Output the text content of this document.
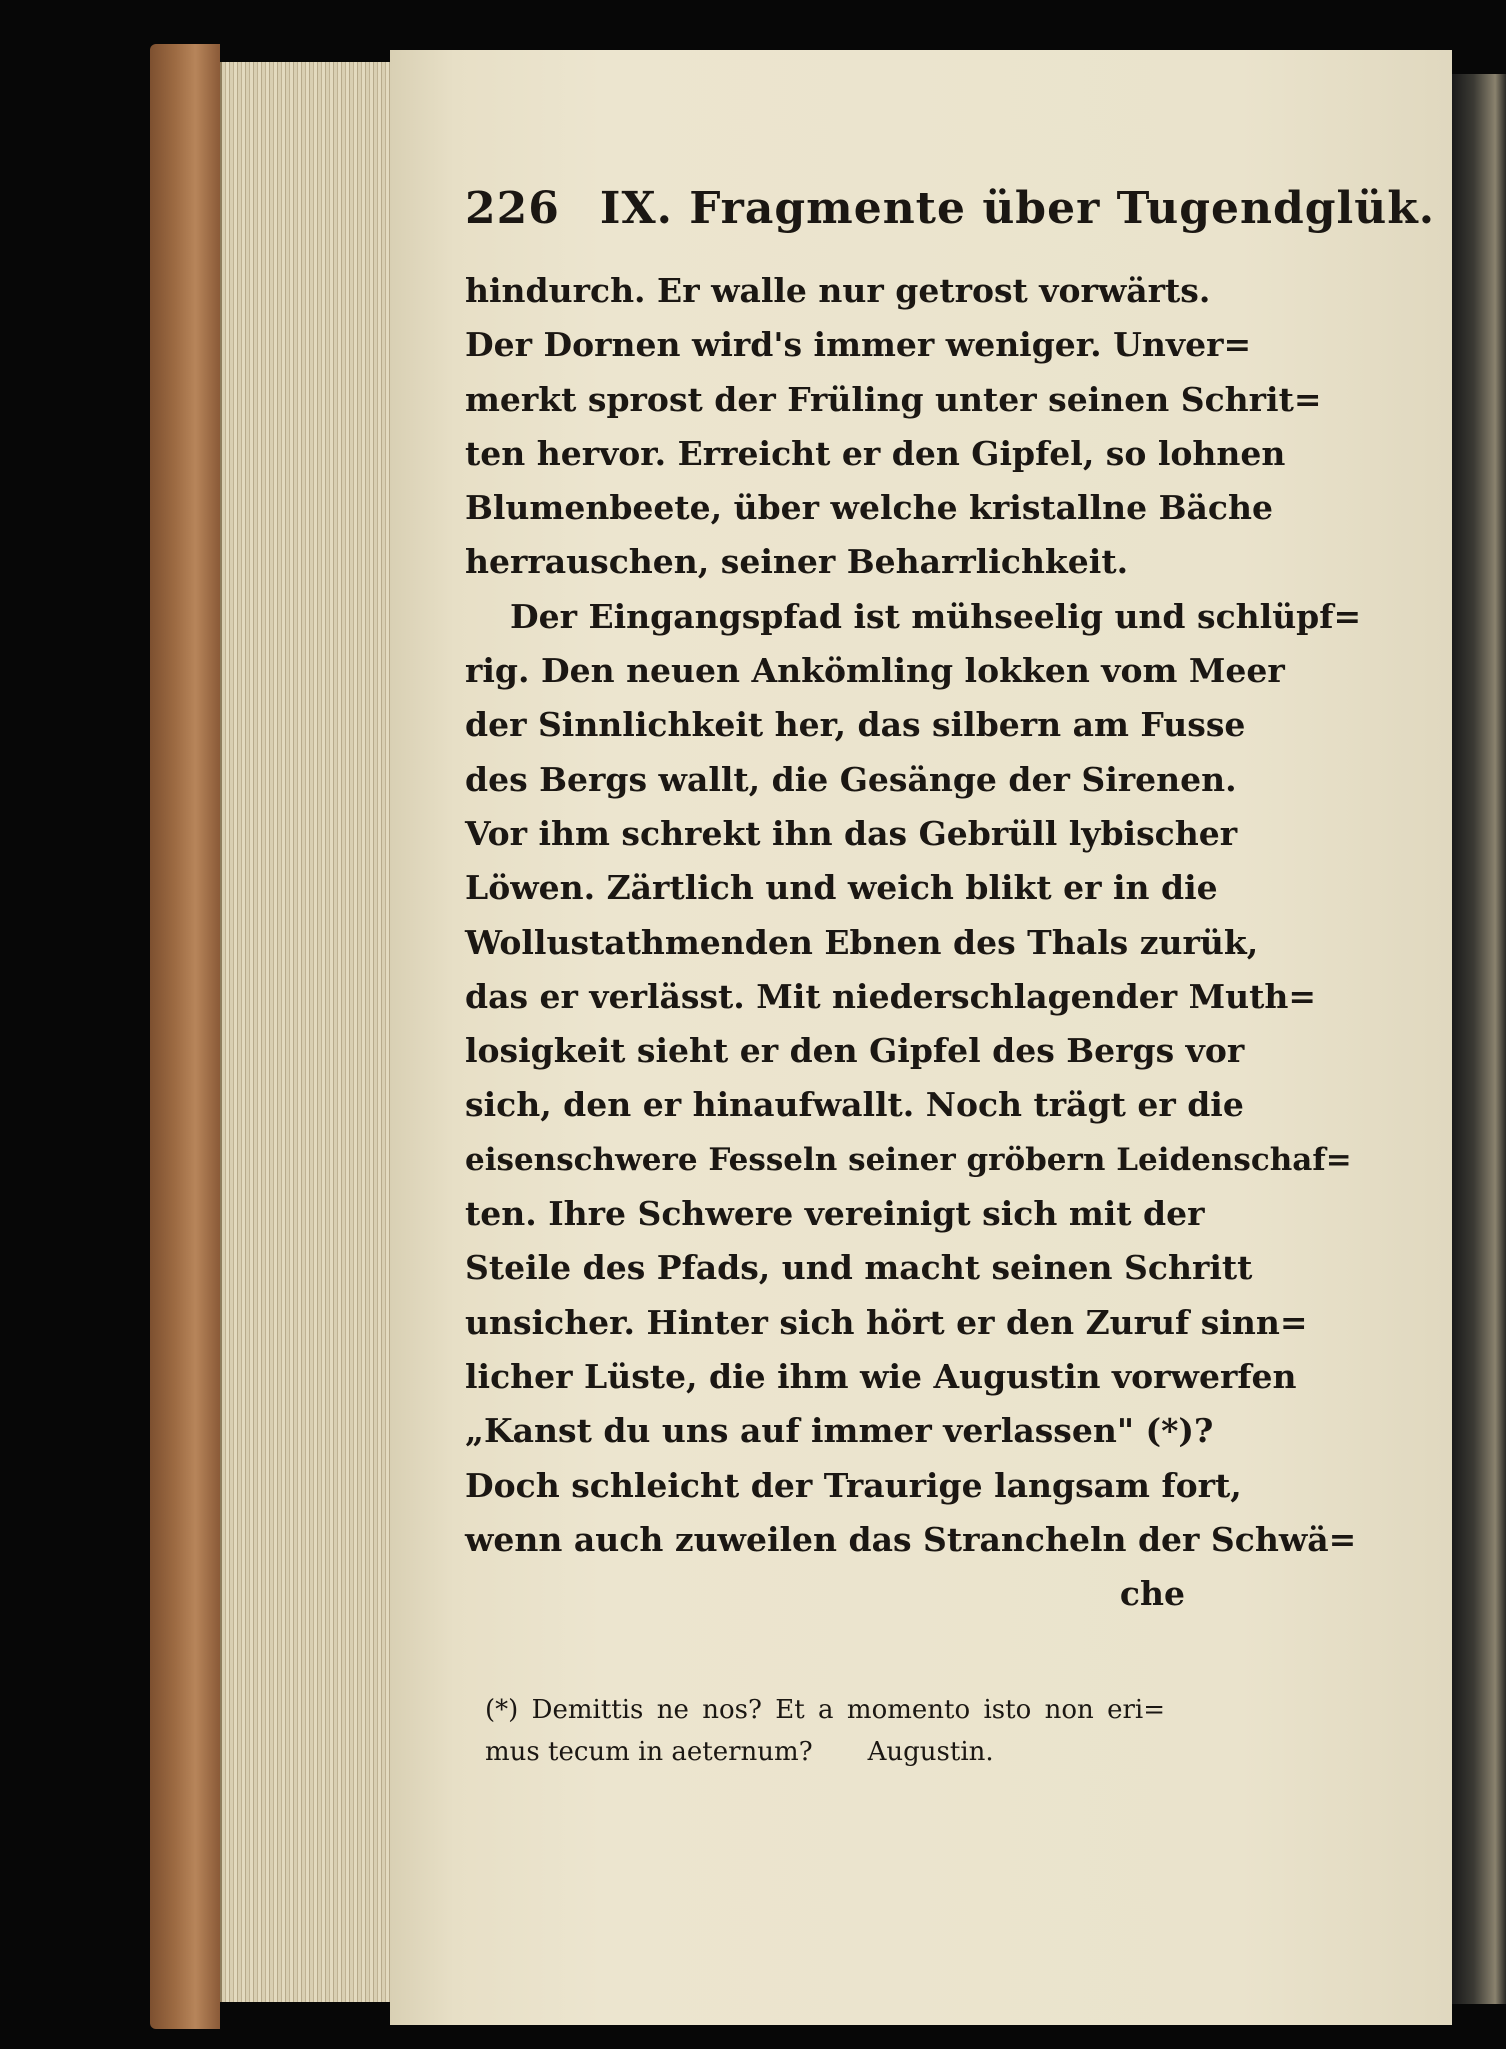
226 IX. Fragmente über Tugendglük.
hindurch. Er walle nur getrost vorwärts.
Der Dornen wird's immer weniger. Unver=
merkt sprost der Früling unter seinen Schrit=
ten hervor. Erreicht er den Gipfel, so lohnen
Blumenbeete, über welche kristallne Bäche
herrauschen, seiner Beharrlichkeit.
Der Eingangspfad ist mühseelig und schlüpf=
rig. Den neuen Ankömling lokken vom Meer
der Sinnlichkeit her, das silbern am Fusse
des Bergs wallt, die Gesänge der Sirenen.
Vor ihm schrekt ihn das Gebrüll lybischer
Löwen. Zärtlich und weich blikt er in die
Wollustathmenden Ebnen des Thals zurük,
das er verlässt. Mit niederschlagender Muth=
losigkeit sieht er den Gipfel des Bergs vor
sich, den er hinaufwallt. Noch trägt er die
eisenschwere Fesseln seiner gröbern Leidenschaf=
ten. Ihre Schwere vereinigt sich mit der
Steile des Pfads, und macht seinen Schritt
unsicher. Hinter sich hört er den Zuruf sinn=
licher Lüste, die ihm wie Augustin vorwerfen
„Kanst du uns auf immer verlassen" (*)?
Doch schleicht der Traurige langsam fort,
wenn auch zuweilen das Strancheln der Schwä=
che
(*) Demittis ne nos? Et a momento isto non eri=
mus tecum in aeternum? Augustin.
